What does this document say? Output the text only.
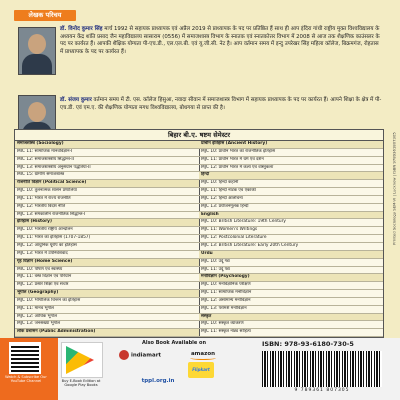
लेखक परिचय
डॉ. विनोद कुमार सिंह मार्च 1992 से सहायक प्राध्यापक एवं अप्रैल 2019 से प्राध्यापक के पद पर प्रतिष्ठित हैं साथ ही आप इंदिरा गांधी राष्ट्रीय मुक्त विश्वविद्यालय के अध्ययन केंद्र शांति प्रसाद जैन महाविद्यालय सासाराम (0556) में समाजशास्त्र विभाग के स्नातक एवं स्नातकोत्तर विभाग में 2008 से आज तक शैक्षणिक काउंसलर के पद पर कार्यरत हैं। आपकी शैक्षिक योग्यता पी-एच.डी., एल.एल.बी. एवं यू.जी.सी. नेट है। आप वर्तमान समय में इन्दु उपरेखर सिंह महिला कॉलेज, बिक्रमगंज, रोहतास में प्राध्यापक के पद पर कार्यरत हैं।
डॉ. संजय कुमार वर्तमान समय में टी. एस. कॉलेज हिसुआ, नवादा सीवान में समाजशास्त्र विभाग में सहायक प्राध्यापक के पद पर कार्यरत हैं। आपने शिक्षा के क्षेत्र में पी-एच.डी. एवं एम.ए. की शैक्षणिक योग्यता मगध विश्वविद्यालय, बोधगया से प्राप्त की है।
बिहार बी.ए. षष्टम सेमेस्टर
समाजशास्त्र (Sociology)
MIC 11: सामाजिक मानवविज्ञान-I
MIC 12: समाजशास्त्रीय सिद्धान्त-II
MJC 13: समाजशास्त्रीय अनुसंधान पद्धतियाँ-II
MIC 15: ग्रामीण समाजशास्त्र
राजनीति विज्ञान (Political Science)
MJC 10: तुलनात्मक शासन प्रणालियाँ
MJC 11: भारत में राज्य राजनीति
MJC 12: भारतीय विदेश नीति
MJC 13: समकालीन राजनीतिक सिद्धान्त-I
इतिहास (History)
MJC 10: भारतीय राष्ट्रीय आन्दोलन
MJC 11: भारत का इतिहास (1707-1857)
MJC 12: आधुनिक यूरोप का इतिहास
MJC 13: भारत में उपनिवेशवाद
गृह विज्ञान (Home Science)
MIC 10: पोषण एवं स्वास्थ्य
MJC 11: वस्त्र विज्ञान एवं परिधान
MJC 12: प्रसार शिक्षा एवं संचार
भूगोल (Geography)
MJC 10: भौगोलिक चिन्तन का इतिहास
MJC 11: मानव भूगोल
MJC 12: आर्थिक भूगोल
MJC 13: जनसंख्या भूगोल
लोक प्रशासन (Public Administration)
प्राचीन इतिहास (Ancient History)
MJC 10: प्राचीन भारत का राजनीतिक इतिहास
MJC 11: प्राचीन भारत में धर्म एवं दर्शन
MJC 12: प्राचीन भारत में कला एवं वास्तुकला
हिन्दी
MJC 10: हिन्दी कहानी
MJC 11: हिन्दी नाटक एवं एकांकी
MJC 12: हिन्दी आलोचना
MJC 13: प्रयोजनमूलक हिन्दी
English
MJC 10: British Literature: 19th Century
MJC 11: Women's Writings
MJC 12: Postcolonial Literature
MJC 13: British Literature: Early 20th Century
Urdu
MJC 10: उर्दू गद्य
MJC 11: उर्दू पद्य
मनोविज्ञान (Psychology)
MJC 10: मनोवैज्ञानिक परीक्षण
MJC 11: सामाजिक मनोविज्ञान
MJC 12: असामान्य मनोविज्ञान
MJC 13: परामर्श मनोविज्ञान
संस्कृत
MJC 10: संस्कृत व्याकरण
MJC 11: संस्कृत नाट्य साहित्य
Printed Sociology SEM-VI | Lucknow | ISBN 9789361807305
Watch & Subscribe Our YouTube Channel	Buy E-Book Edition at Google Play Books
Also Book Available on
indiamart	amazon
Flipkart
tppl.org.in
ISBN: 978-93-6180-730-5
9 789361 807305
